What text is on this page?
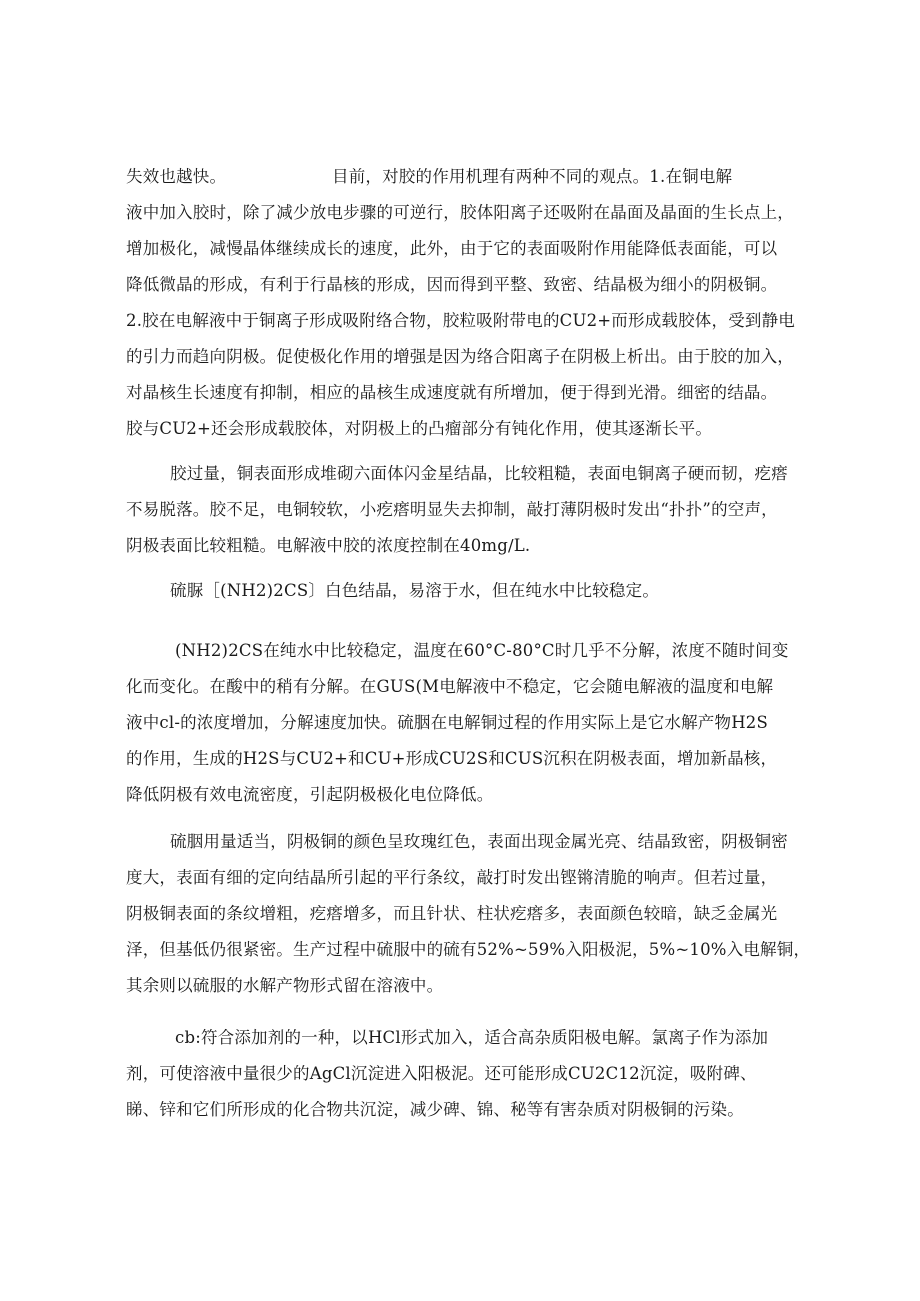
失效也越快。	目前，对胶的作用机理有两种不同的观点。1.在铜电解
液中加入胶时，除了减少放电步骤的可逆行，胶体阳离子还吸附在晶面及晶面的生长点上，
增加极化，减慢晶体继续成长的速度，此外，由于它的表面吸附作用能降低表面能，可以
降低微晶的形成，有利于行晶核的形成，因而得到平整、致密、结晶极为细小的阴极铜。
2.胶在电解液中于铜离子形成吸附络合物，胶粒吸附带电的CU2+而形成载胶体，受到静电
的引力而趋向阴极。促使极化作用的增强是因为络合阳离子在阴极上析出。由于胶的加入，
对晶核生长速度有抑制，相应的晶核生成速度就有所增加，便于得到光滑。细密的结晶。
胶与CU2+还会形成载胶体，对阴极上的凸瘤部分有钝化作用，使其逐渐长平。
胶过量，铜表面形成堆砌六面体闪金星结晶，比较粗糙，表面电铜离子硬而韧，疙瘩
不易脱落。胶不足，电铜较软，小疙瘩明显失去抑制，敲打薄阴极时发出“扑扑”的空声，
阴极表面比较粗糙。电解液中胶的浓度控制在40mg∕L.
硫脲［(NH2)2CS〕白色结晶，易溶于水，但在纯水中比较稳定。
(NH2)2CS在纯水中比较稳定，温度在60°C-80°C时几乎不分解，浓度不随时间变
化而变化。在酸中的稍有分解。在GUS(M电解液中不稳定，它会随电解液的温度和电解
液中cl-的浓度增加，分解速度加快。硫胭在电解铜过程的作用实际上是它水解产物H2S
的作用，生成的H2S与CU2+和CU+形成CU2S和CUS沉积在阴极表面，增加新晶核，
降低阴极有效电流密度，引起阴极极化电位降低。
硫胭用量适当，阴极铜的颜色呈玫瑰红色，表面出现金属光亮、结晶致密，阴极铜密
度大，表面有细的定向结晶所引起的平行条纹，敲打时发出铿锵清脆的响声。但若过量，
阴极铜表面的条纹增粗，疙瘩增多，而且针状、柱状疙瘩多，表面颜色较暗，缺乏金属光
泽，但基低仍很紧密。生产过程中硫服中的硫有52%~59%入阳极泥，5%~10%入电解铜，
其余则以硫服的水解产物形式留在溶液中。
cb:符合添加剂的一种，以HCl形式加入，适合高杂质阳极电解。氯离子作为添加
剂，可使溶液中量很少的AgCl沉淀进入阳极泥。还可能形成CU2C12沉淀，吸附碑、
睇、锌和它们所形成的化合物共沉淀，减少碑、锦、秘等有害杂质对阴极铜的污染。
